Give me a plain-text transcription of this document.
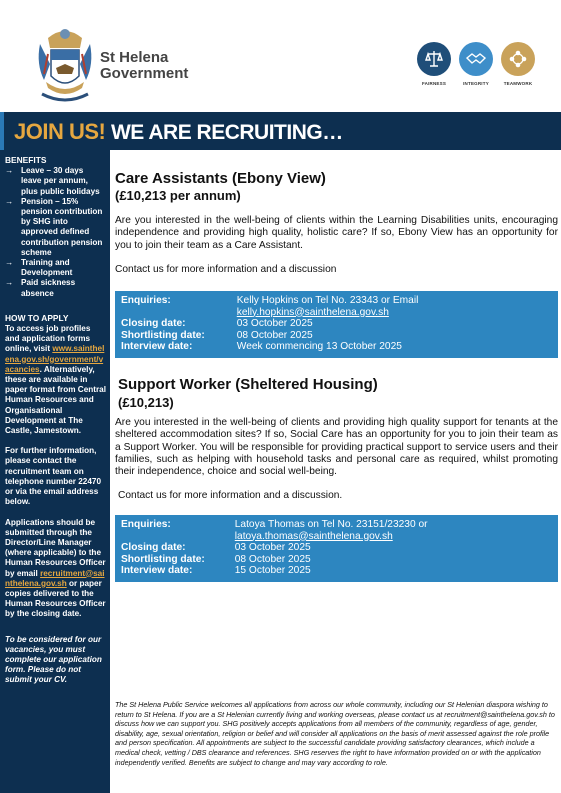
St Helena
Government
FAIRNESS	INTEGRITY	TEAMWORK
JOIN US! WE ARE RECRUITING…
BENEFITS
→ Leave – 30 days leave per annum, plus public holidays
→ Pension – 15% pension contribution by SHG into approved defined contribution pension scheme
→ Training and Development
→ Paid sickness absence
HOW TO APPLY
To access job profiles and application forms online, visit www.sainthelena.gov.sh/government/vacancies. Alternatively, these are available in paper format from Central Human Resources and Organisational Development at The Castle, Jamestown.

For further information, please contact the recruitment team on telephone number 22470 or via the email address below.

Applications should be submitted through the Director/Line Manager (where applicable) to the Human Resources Officer by email recruitment@sainthelena.gov.sh or paper copies delivered to the Human Resources Officer by the closing date.

To be considered for our vacancies, you must complete our application form. Please do not submit your CV.

Care Assistants (Ebony View)
(£10,213 per annum)
Are you interested in the well-being of clients within the Learning Disabilities units, encouraging independence and providing high quality, holistic care? If so, Ebony View has an opportunity for you to join their team as a Care Assistant.
Contact us for more information and a discussion
Enquiries:	Kelly Hopkins on Tel No. 23343 or Email
	kelly.hopkins@sainthelena.gov.sh
Closing date:	03 October 2025
Shortlisting date:	08 October 2025
Interview date:	Week commencing 13 October 2025
Support Worker (Sheltered Housing)
(£10,213)
Are you interested in the well-being of clients and providing high quality support for tenants at the sheltered accommodation sites? If so, Social Care has an opportunity for you to join their team as a Support Worker. You will be responsible for providing practical support to service users and their families, such as helping with household tasks and personal care as required, whilst promoting their independence, choice and social well-being.
Contact us for more information and a discussion.
Enquiries:	Latoya Thomas on Tel No. 23151/23230 or
	latoya.thomas@sainthelena.gov.sh
Closing date:	03 October 2025
Shortlisting date:	08 October 2025
Interview date:	15 October 2025
The St Helena Public Service welcomes all applications from across our whole community, including our St Helenian diaspora wishing to return to St Helena. If you are a St Helenian currently living and working overseas, please contact us at recruitment@sainthelena.gov.sh to discuss how we can support you. SHG positively accepts applications from all members of the community, regardless of age, gender, disability, age, sexual orientation, religion or belief and will consider all applications on the basis of merit assessed against the role profile and person specification. All appointments are subject to the successful candidate providing satisfactory clearances, which include a medical check, vetting / DBS clearance and references. SHG reserves the right to have information provided on or with the application independently verified. Benefits are subject to change and may vary according to role.
